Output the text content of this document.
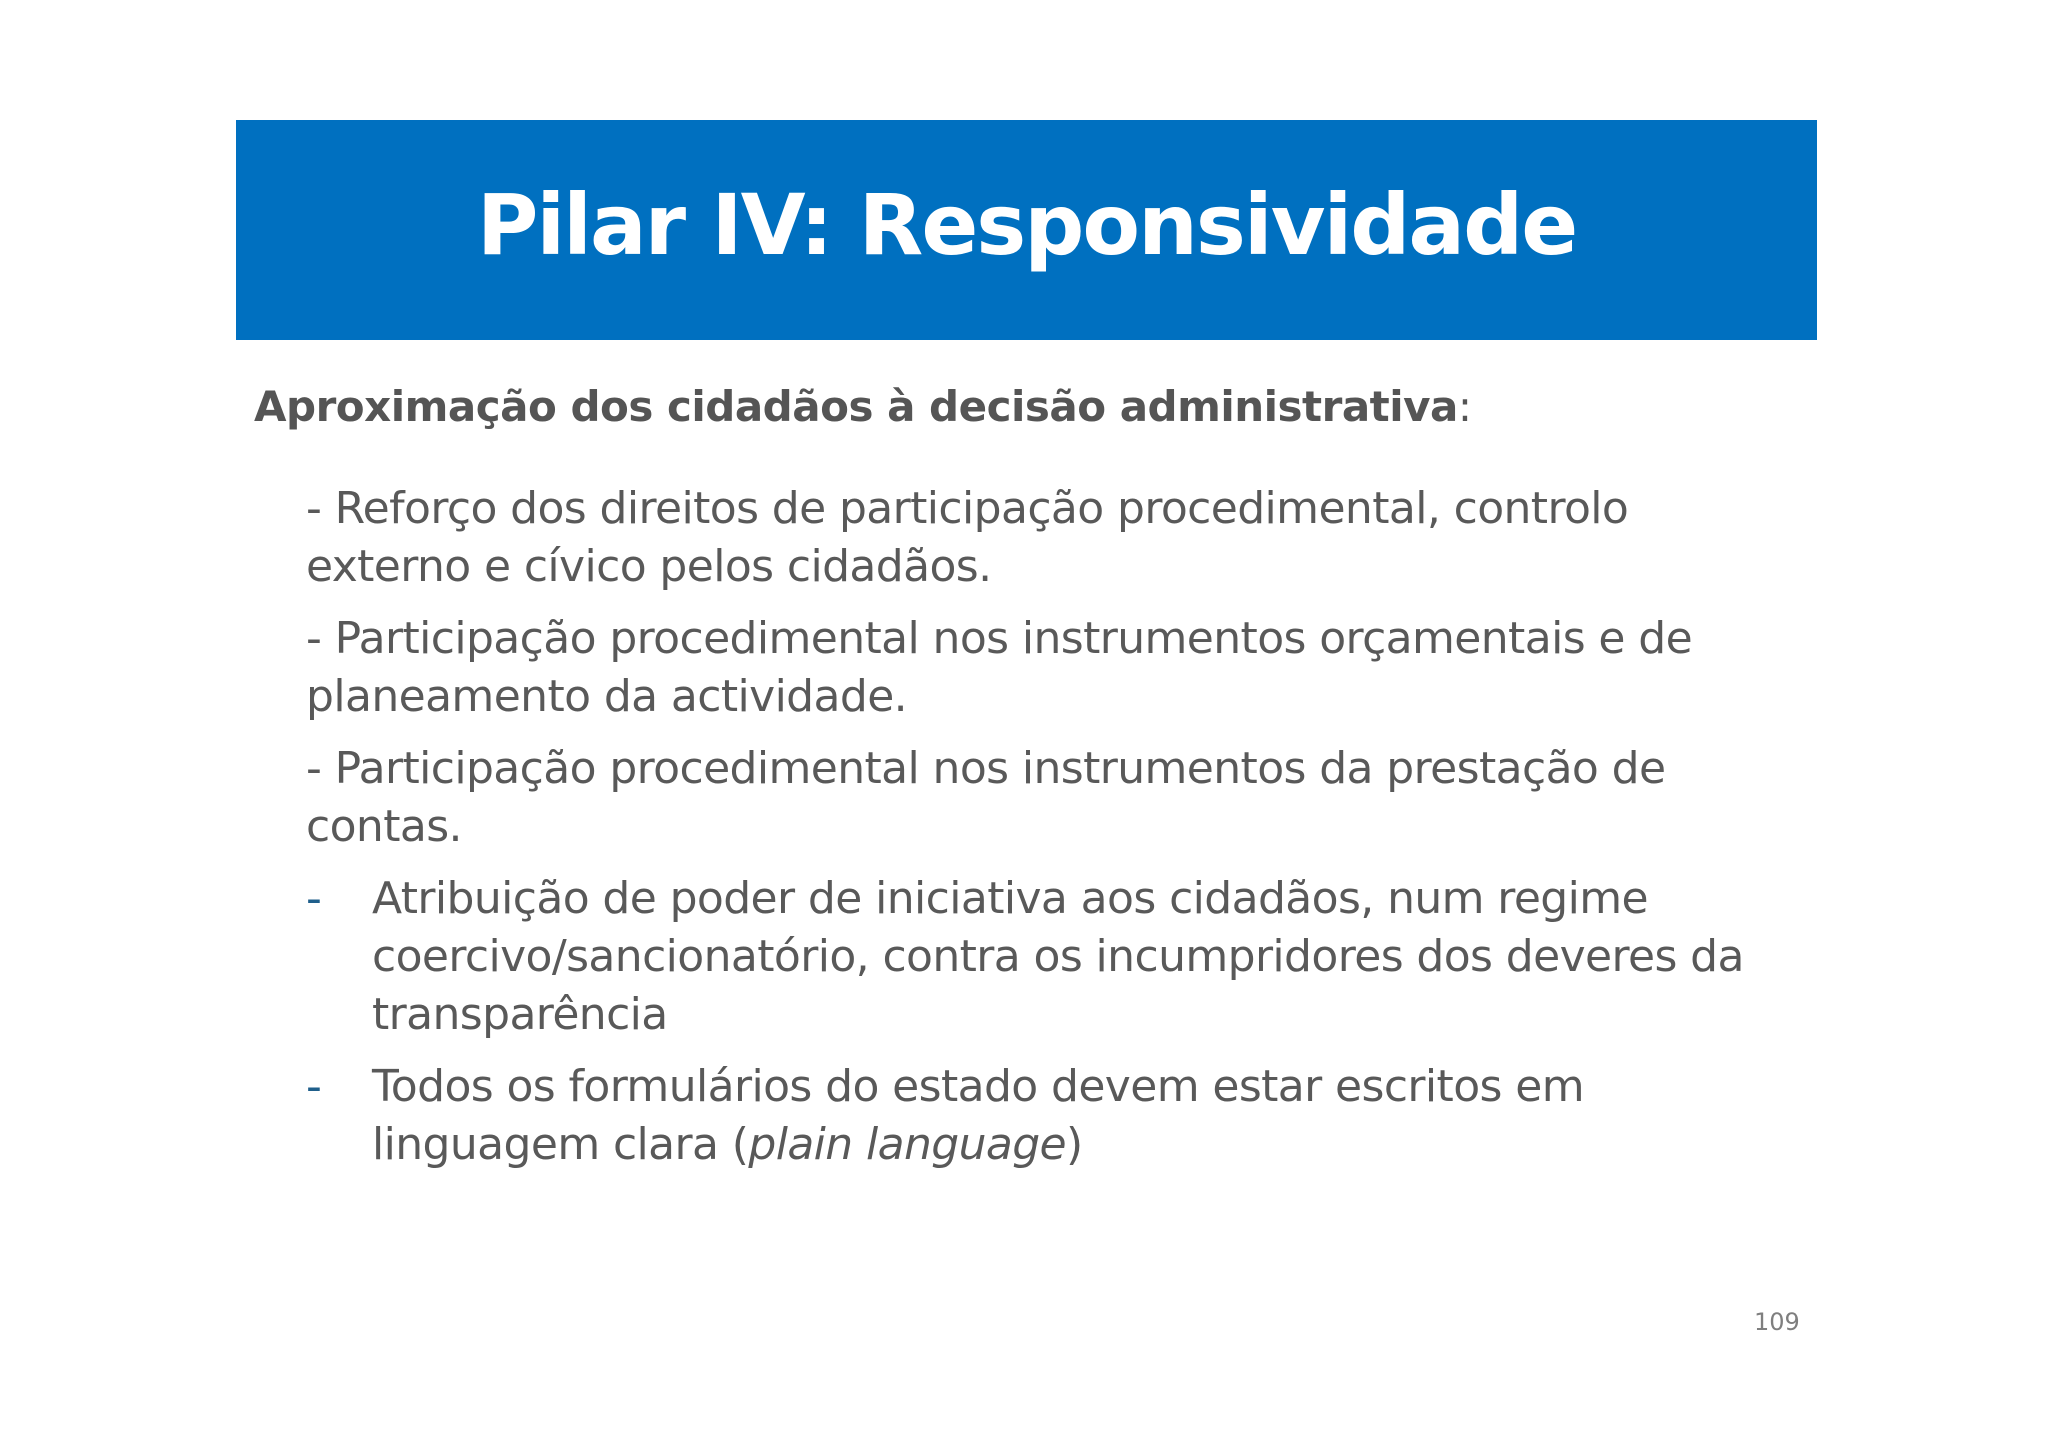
Pilar IV: Responsividade
Aproximação dos cidadãos à decisão administrativa:
- Reforço dos direitos de participação procedimental, controlo externo e cívico pelos cidadãos.
- Participação procedimental nos instrumentos orçamentais e de planeamento da actividade.
- Participação procedimental nos instrumentos da prestação de contas.
- Atribuição de poder de iniciativa aos cidadãos, num regime coercivo/sancionatório, contra os incumpridores dos deveres da transparência
- Todos os formulários do estado devem estar escritos em linguagem clara (plain language)
109
